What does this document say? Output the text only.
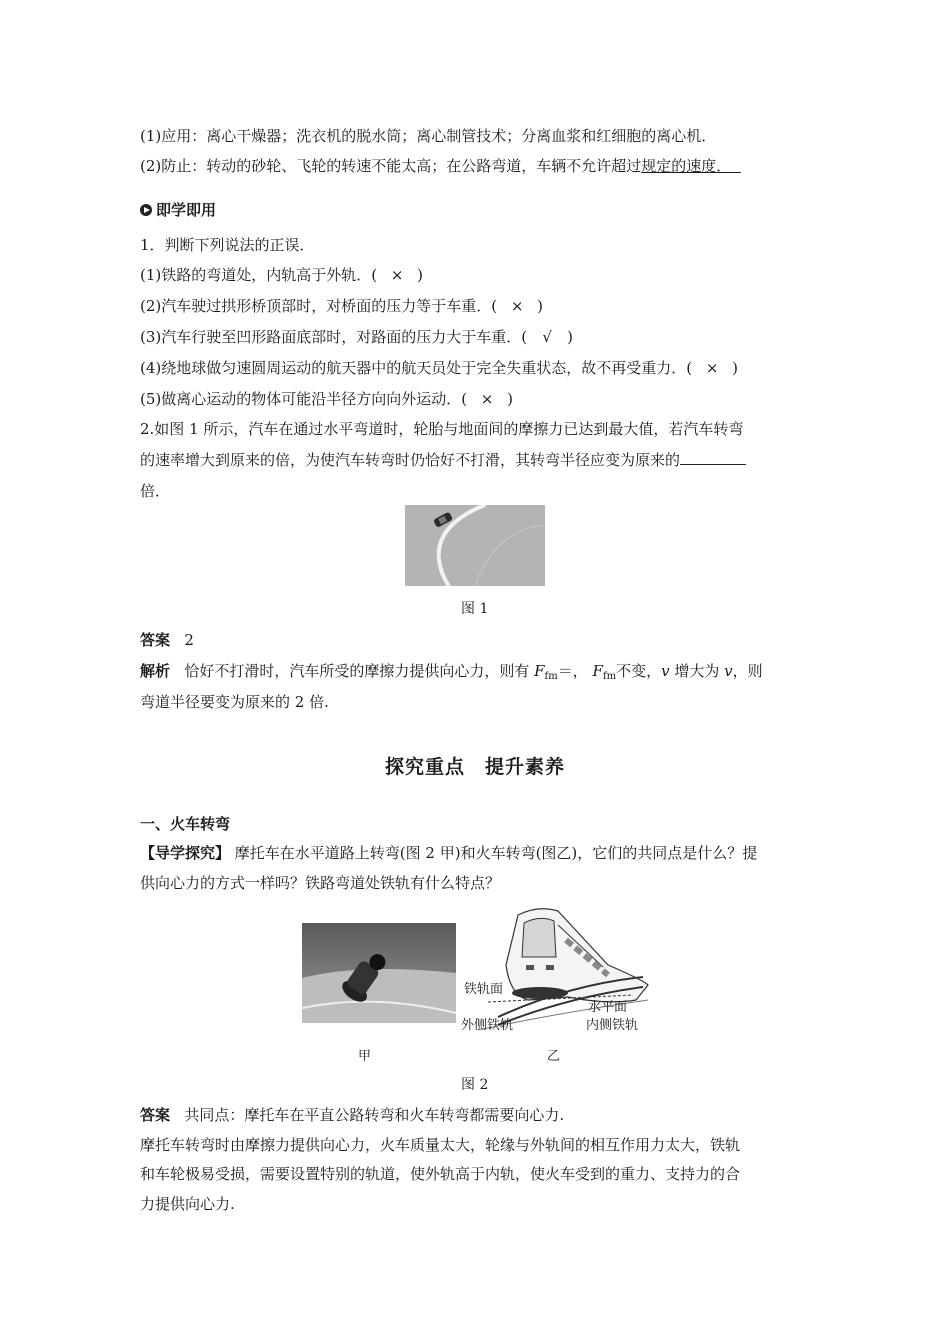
(1)应用：离心干燥器；洗衣机的脱水筒；离心制管技术；分离血浆和红细胞的离心机．
(2)防止：转动的砂轮、飞轮的转速不能太高；在公路弯道，车辆不允许超过规定的速度．
即学即用
1．判断下列说法的正误．
(1)铁路的弯道处，内轨高于外轨．( × )
(2)汽车驶过拱形桥顶部时，对桥面的压力等于车重．( × )
(3)汽车行驶至凹形路面底部时，对路面的压力大于车重．( √ )
(4)绕地球做匀速圆周运动的航天器中的航天员处于完全失重状态，故不再受重力．( × )
(5)做离心运动的物体可能沿半径方向向外运动．( × )
2.如图 1 所示，汽车在通过水平弯道时，轮胎与地面间的摩擦力已达到最大值，若汽车转弯
的速率增大到原来的倍，为使汽车转弯时仍恰好不打滑，其转弯半径应变为原来的
倍．
图 1
答案 2
解析 恰好不打滑时，汽车所受的摩擦力提供向心力，则有 $F_{fm}=$， $F_{fm}$不变，v 增大为 v，则
弯道半径要变为原来的 2 倍.
探究重点　提升素养
一、火车转弯
【导学探究】 摩托车在水平道路上转弯(图 2 甲)和火车转弯(图乙)，它们的共同点是什么？提
供向心力的方式一样吗？铁路弯道处铁轨有什么特点？
铁轨面
水平面
外侧铁轨	内侧铁轨
甲	乙
图 2
答案 共同点：摩托车在平直公路转弯和火车转弯都需要向心力.
摩托车转弯时由摩擦力提供向心力，火车质量太大，轮缘与外轨间的相互作用力太大，铁轨
和车轮极易受损，需要设置特别的轨道，使外轨高于内轨，使火车受到的重力、支持力的合
力提供向心力.
